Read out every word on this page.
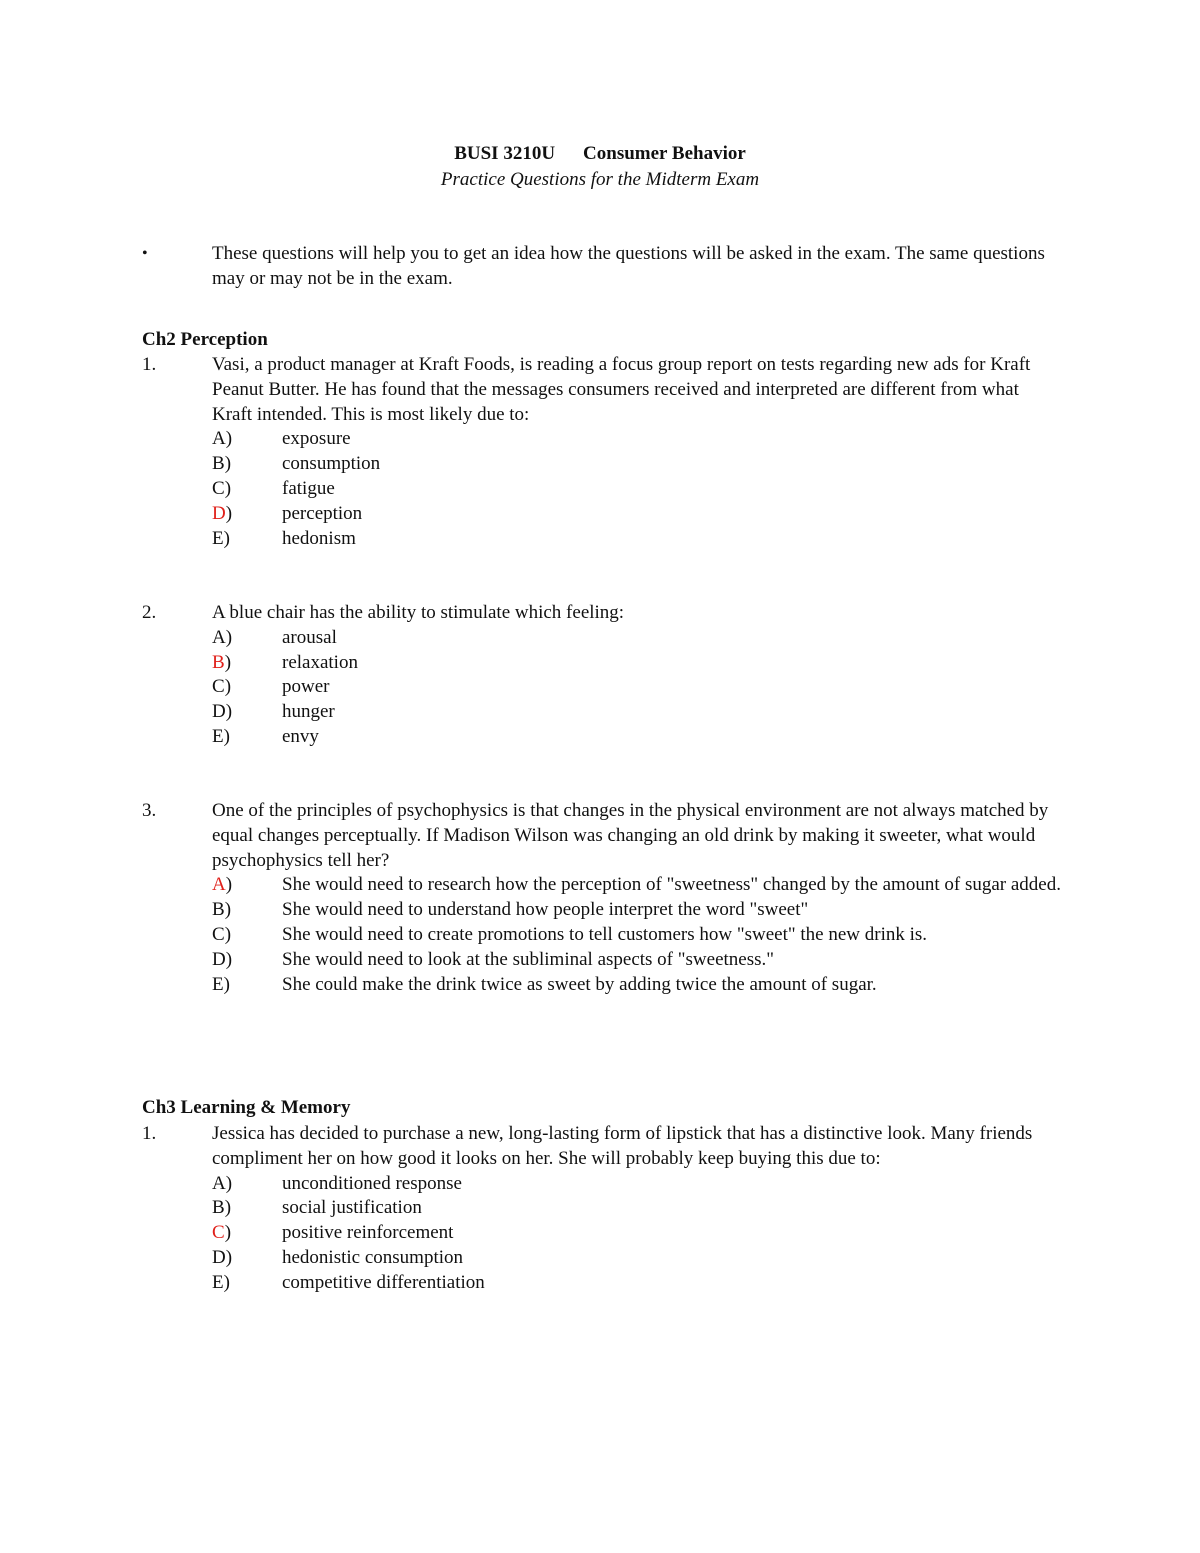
BUSI 3210U Consumer Behavior
Practice Questions for the Midterm Exam
•	These questions will help you to get an idea how the questions will be asked in the exam. The same questions may or may not be in the exam.
Ch2 Perception
1.	Vasi, a product manager at Kraft Foods, is reading a focus group report on tests regarding new ads for Kraft Peanut Butter. He has found that the messages consumers received and interpreted are different from what Kraft intended. This is most likely due to:
A)	exposure
B)	consumption
C)	fatigue
D)	perception
E)	hedonism
2.	A blue chair has the ability to stimulate which feeling:
A)	arousal
B)	relaxation
C)	power
D)	hunger
E)	envy
3.	One of the principles of psychophysics is that changes in the physical environment are not always matched by equal changes perceptually. If Madison Wilson was changing an old drink by making it sweeter, what would psychophysics tell her?
A)	She would need to research how the perception of "sweetness" changed by the amount of sugar added.
B)	She would need to understand how people interpret the word "sweet"
C)	She would need to create promotions to tell customers how "sweet" the new drink is.
D)	She would need to look at the subliminal aspects of "sweetness."
E)	She could make the drink twice as sweet by adding twice the amount of sugar.
Ch3 Learning & Memory
1.	Jessica has decided to purchase a new, long-lasting form of lipstick that has a distinctive look. Many friends compliment her on how good it looks on her. She will probably keep buying this due to:
A)	unconditioned response
B)	social justification
C)	positive reinforcement
D)	hedonistic consumption
E)	competitive differentiation
